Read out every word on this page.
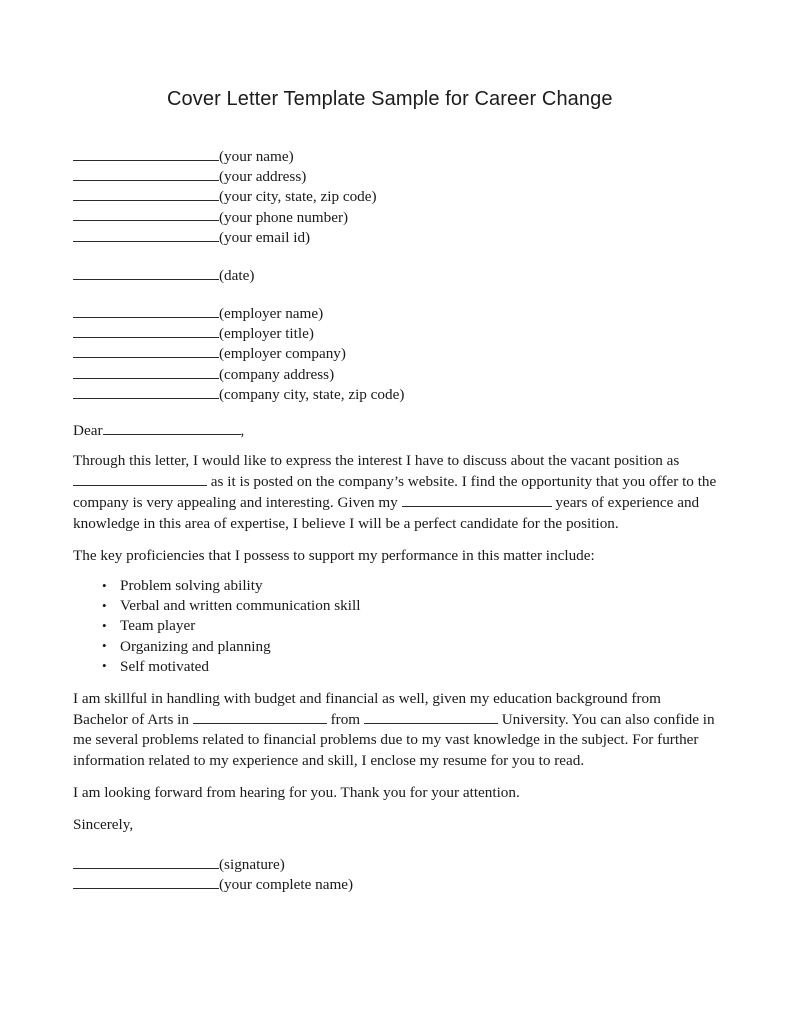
Cover Letter Template Sample for Career Change
(your name)
(your address)
(your city, state, zip code)
(your phone number)
(your email id)
(date)
(employer name)
(employer title)
(employer company)
(company address)
(company city, state, zip code)

Dear	,

Through this letter, I would like to express the interest I have to discuss about the vacant position as  as it is posted on the company’s website. I find the opportunity that you offer to the company is very appealing and interesting. Given my	years of experience and knowledge in this area of expertise, I believe I will be a perfect candidate for the position.

The key proficiencies that I possess to support my performance in this matter include:

• Problem solving ability
• Verbal and written communication skill
• Team player
• Organizing and planning
• Self motivated

I am skillful in handling with budget and financial as well, given my education background from Bachelor of Arts in	from	University. You can also confide in me several problems related to financial problems due to my vast knowledge in the subject. For further information related to my experience and skill, I enclose my resume for you to read.

I am looking forward from hearing for you. Thank you for your attention.

Sincerely,

(signature)
(your complete name)
